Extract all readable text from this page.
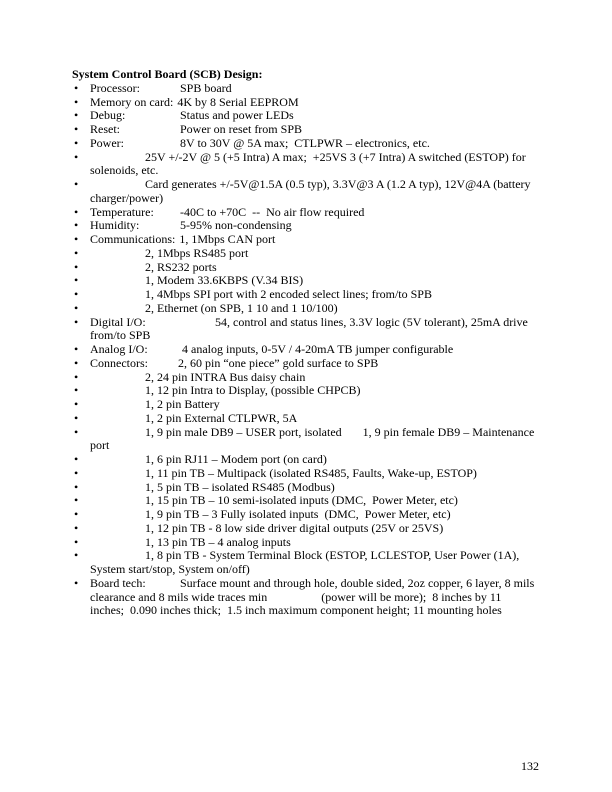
System Control Board (SCB) Design:
• Processor:	SPB board
• Memory on card: 4K by 8 Serial EEPROM
• Debug:	Status and power LEDs
• Reset:	Power on reset from SPB
• Power:	8V to 30V @ 5A max;  CTLPWR – electronics, etc.
•	25V +/-2V @ 5 (+5 Intra) A max;  +25VS 3 (+7 Intra) A switched (ESTOP) for solenoids, etc.
•	Card generates +/-5V@1.5A (0.5 typ), 3.3V@3 A (1.2 A typ), 12V@4A (battery charger/power)
• Temperature: -40C to +70C  --  No air flow required
• Humidity:	5-95% non-condensing
• Communications: 1, 1Mbps CAN port
•	2, 1Mbps RS485 port
•	2, RS232 ports
•	1, Modem 33.6KBPS (V.34 BIS)
•	1, 4Mbps SPI port with 2 encoded select lines; from/to SPB
•	2, Ethernet (on SPB, 1 10 and 1 10/100)
• Digital I/O:	54, control and status lines, 3.3V logic (5V tolerant), 25mA drive from/to SPB
• Analog I/O:	4 analog inputs, 0-5V / 4-20mA TB jumper configurable
• Connectors:	2, 60 pin “one piece” gold surface to SPB
•	2, 24 pin INTRA Bus daisy chain
•	1, 12 pin Intra to Display, (possible CHPCB)
•	1, 2 pin Battery
•	1, 2 pin External CTLPWR, 5A
•	1, 9 pin male DB9 – USER port, isolated       1, 9 pin female DB9 – Maintenance port
•	1, 6 pin RJ11 – Modem port (on card)
•	1, 11 pin TB – Multipack (isolated RS485, Faults, Wake-up, ESTOP)
•	1, 5 pin TB – isolated RS485 (Modbus)
•	1, 15 pin TB – 10 semi-isolated inputs (DMC,  Power Meter, etc)
•	1, 9 pin TB – 3 Fully isolated inputs  (DMC,  Power Meter, etc)
•	1, 12 pin TB - 8 low side driver digital outputs (25V or 25VS)
•	1, 13 pin TB – 4 analog inputs
•	1, 8 pin TB - System Terminal Block (ESTOP, LCLESTOP, User Power (1A), System start/stop, System on/off)
• Board tech:	Surface mount and through hole, double sided, 2oz copper, 6 layer, 8 mils clearance and 8 mils wide traces min                  (power will be more);  8 inches by 11 inches;  0.090 inches thick;  1.5 inch maximum component height; 11 mounting holes
132
